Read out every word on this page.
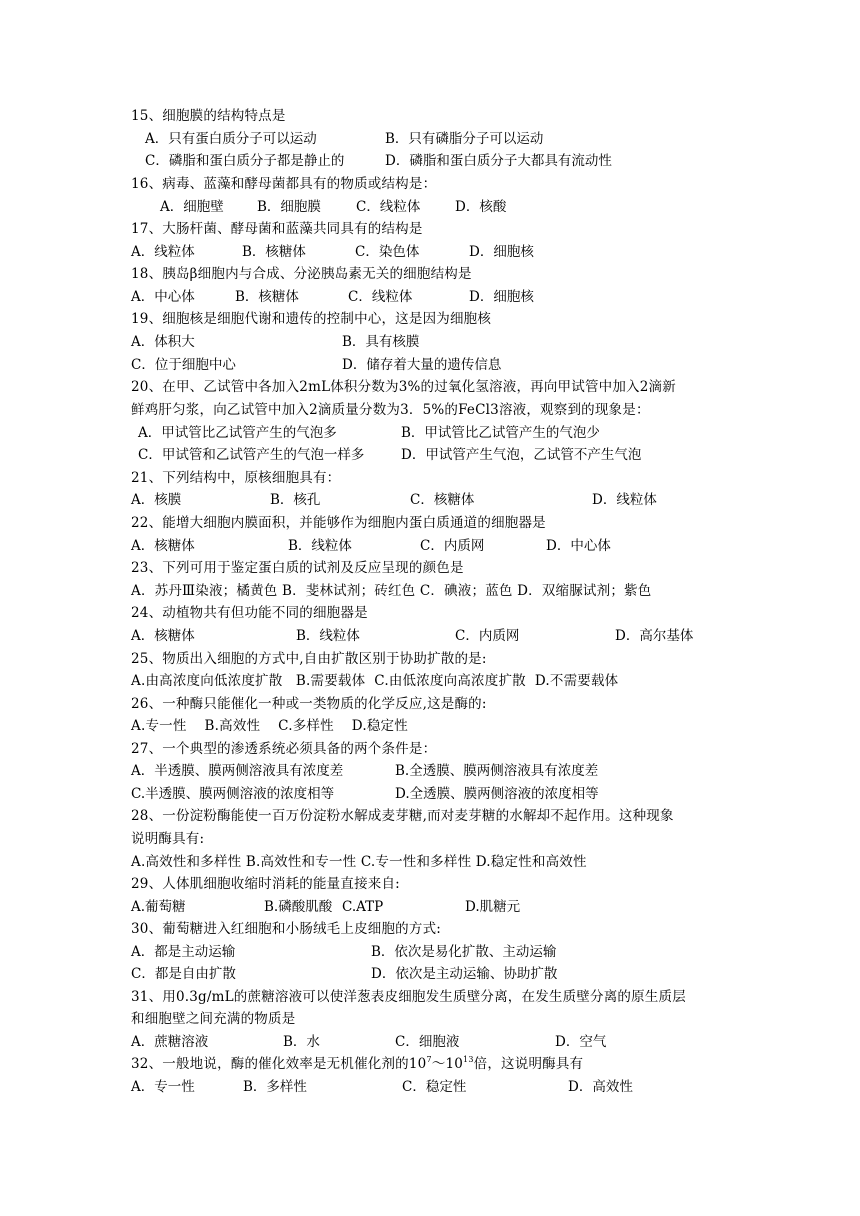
15、细胞膜的结构特点是
A．只有蛋白质分子可以运动	B．只有磷脂分子可以运动
C．磷脂和蛋白质分子都是静止的	D．磷脂和蛋白质分子大都具有流动性
16、病毒、蓝藻和酵母菌都具有的物质或结构是：
A．细胞壁 B．细胞膜	C．线粒体	D．核酸
17、大肠杆菌、酵母菌和蓝藻共同具有的结构是
A．线粒体	B．核糖体	C．染色体	D．细胞核
18、胰岛β细胞内与合成、分泌胰岛素无关的细胞结构是
A．中心体	B．核糖体	C．线粒体	D．细胞核
19、细胞核是细胞代谢和遗传的控制中心，这是因为细胞核
A．体积大	B．具有核膜
C．位于细胞中心	D．储存着大量的遗传信息
20、在甲、乙试管中各加入2mL体积分数为3%的过氧化氢溶液，再向甲试管中加入2滴新
鲜鸡肝匀浆，向乙试管中加入2滴质量分数为3．5%的FeCl3溶液，观察到的现象是：
A．甲试管比乙试管产生的气泡多	B．甲试管比乙试管产生的气泡少
C．甲试管和乙试管产生的气泡一样多	D．甲试管产生气泡，乙试管不产生气泡
21、下列结构中，原核细胞具有：
A．核膜	B．核孔	C．核糖体	D．线粒体
22、能增大细胞内膜面积，并能够作为细胞内蛋白质通道的细胞器是
A．核糖体	B．线粒体	C．内质网	D．中心体
23、下列可用于鉴定蛋白质的试剂及反应呈现的颜色是
A．苏丹Ⅲ染液；橘黄色 B．斐林试剂；砖红色 C．碘液；蓝色 D．双缩脲试剂；紫色
24、动植物共有但功能不同的细胞器是
A．核糖体	B．线粒体	C．内质网	D．高尔基体
25、物质出入细胞的方式中,自由扩散区别于协助扩散的是:
A.由高浓度向低浓度扩散   B.需要载体  C.由低浓度向高浓度扩散  D.不需要载体
26、一种酶只能催化一种或一类物质的化学反应,这是酶的:
A.专一性    B.高效性    C.多样性    D.稳定性
27、一个典型的渗透系统必须具备的两个条件是：
A．半透膜、膜两侧溶液具有浓度差	B.全透膜、膜两侧溶液具有浓度差
C.半透膜、膜两侧溶液的浓度相等	D.全透膜、膜两侧溶液的浓度相等
28、一份淀粉酶能使一百万份淀粉水解成麦芽糖,而对麦芽糖的水解却不起作用。这种现象
说明酶具有:
A.高效性和多样性 B.高效性和专一性 C.专一性和多样性 D.稳定性和高效性
29、人体肌细胞收缩时消耗的能量直接来自:
A.葡萄糖	B.磷酸肌酸 C.ATP	D.肌糖元
30、葡萄糖进入红细胞和小肠绒毛上皮细胞的方式:
A．都是主动运输	B．依次是易化扩散、主动运输
C．都是自由扩散	D．依次是主动运输、协助扩散
31、用0.3g/mL的蔗糖溶液可以使洋葱表皮细胞发生质壁分离，在发生质壁分离的原生质层
和细胞壁之间充满的物质是
A．蔗糖溶液	B．水	C．细胞液	D．空气
32、一般地说，酶的催化效率是无机催化剂的$10^7\sim 10^{13}$倍，这说明酶具有
A．专一性	B．多样性	C．稳定性	D．高效性
